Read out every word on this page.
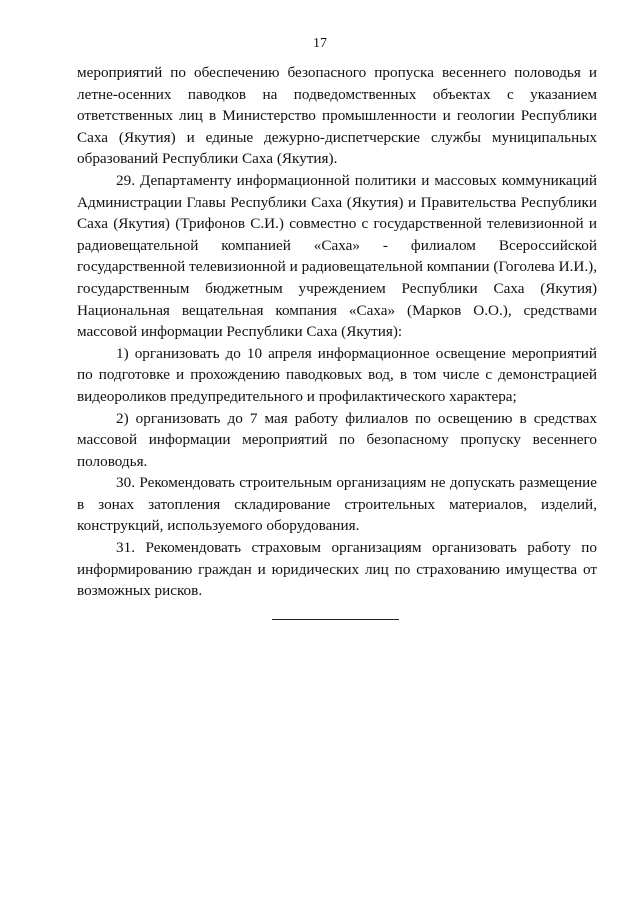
17

мероприятий по обеспечению безопасного пропуска весеннего половодья и летне-осенних паводков на подведомственных объектах с указанием ответственных лиц в Министерство промышленности и геологии Республики Саха (Якутия) и единые дежурно-диспетчерские службы муниципальных образований Республики Саха (Якутия).

29. Департаменту информационной политики и массовых коммуникаций Администрации Главы Республики Саха (Якутия) и Правительства Республики Саха (Якутия) (Трифонов С.И.) совместно с государственной телевизионной и радиовещательной компанией «Саха» - филиалом Всероссийской государственной телевизионной и радиовещательной компании (Гоголева И.И.), государственным бюджетным учреждением Республики Саха (Якутия) Национальная вещательная компания «Саха» (Марков О.О.), средствами массовой информации Республики Саха (Якутия):

1) организовать до 10 апреля информационное освещение мероприятий по подготовке и прохождению паводковых вод, в том числе с демонстрацией видеороликов предупредительного и профилактического характера;

2) организовать до 7 мая работу филиалов по освещению в средствах массовой информации мероприятий по безопасному пропуску весеннего половодья.

30. Рекомендовать строительным организациям не допускать размещение в зонах затопления складирование строительных материалов, изделий, конструкций, используемого оборудования.

31. Рекомендовать страховым организациям организовать работу по информированию граждан и юридических лиц по страхованию имущества от возможных рисков.
